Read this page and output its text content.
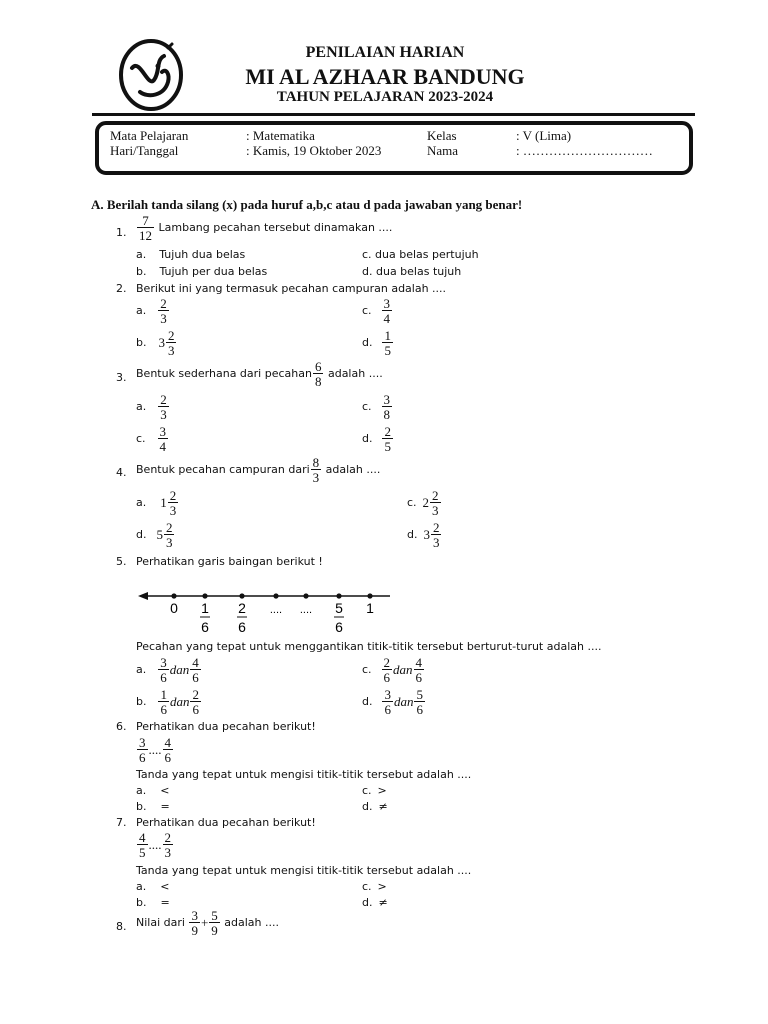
PENILAIAN HARIAN
MI AL AZHAAR BANDUNG
TAHUN PELAJARAN 2023-2024
Mata Pelajaran	: Matematika
Hari/Tanggal	: Kamis, 19 Oktober 2023
Kelas	: V (Lima)
Nama	: …………………………
A. Berilah tanda silang (x) pada huruf a,b,c atau d pada jawaban yang benar!
1. $\frac{7}{12}$ Lambang pecahan tersebut dinamakan ....
a. Tujuh dua belas
b. Tujuh per dua belas
c. dua belas pertujuh
d. dua belas tujuh
2. Berikut ini yang termasuk pecahan campuran adalah ....
a. $\frac{2}{3}$
b. $3 \frac{2}{3}$
c. $\frac{3}{4}$
d. $\frac{1}{5}$
3. Bentuk sederhana dari pecahan $\frac{6}{8}$ adalah ....
a. $\frac{2}{3}$
c. $\frac{3}{4}$
c. $\frac{3}{8}$
d. $\frac{2}{5}$
4. Bentuk pecahan campuran dari $\frac{8}{3}$ adalah ....
a. $1 \frac{2}{3}$
d. $5 \frac{2}{3}$
c. $2 \frac{2}{3}$
d. $3 \frac{2}{3}$
5. Perhatikan garis baingan berikut !
0 1
6
2
6
.... .... 5
6
1
Pecahan yang tepat untuk menggantikan titik-titik tersebut berturut-turut adalah ....
a. $\frac{3}{6}$ dan $\frac{4}{6}$
b. $\frac{1}{6}$ dan $\frac{2}{6}$
c. $\frac{2}{6}$ dan $\frac{4}{6}$
d. $\frac{3}{6}$ dan $\frac{5}{6}$
6. Perhatikan dua pecahan berikut!
$\frac{3}{6}$ .... $\frac{4}{6}$
Tanda yang tepat untuk mengisi titik-titik tersebut adalah ....
a. <
b. =
c. >
d. ≠
7. Perhatikan dua pecahan berikut!
$\frac{4}{5}$ .... $\frac{2}{3}$
Tanda yang tepat untuk mengisi titik-titik tersebut adalah ....
a. <
b. =
c. >
d. ≠
8. Nilai dari $\frac{3}{9} + \frac{5}{9}$ adalah ....
